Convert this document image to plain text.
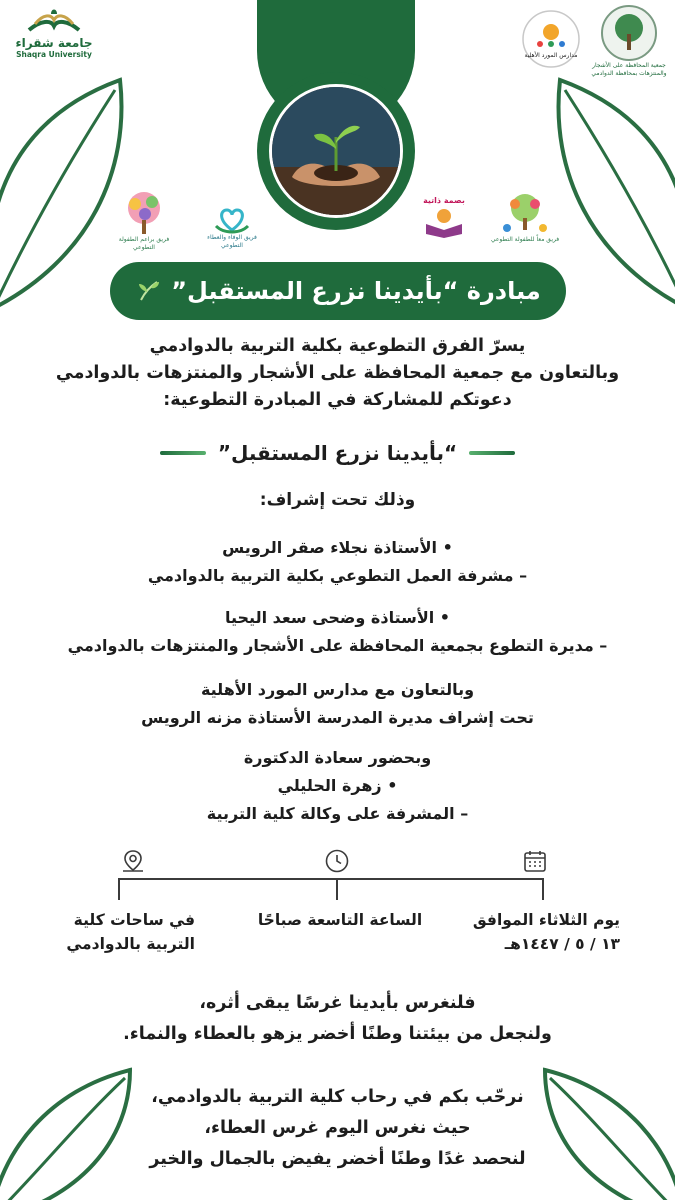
جامعة شقراء
Shaqra University
جمعية المحافظة على الأشجار والمنتزهات بمحافظة الدوادمي
مدارس المورد الأهلية
فريق براعم الطفولة التطوعي
فريق الوفاء والعطاء التطوعي
بصمة ذاتية
فريق معاً للطفولة التطوعي
مبادرة “بأيدينا نزرع المستقبل”
يسرّ الفرق التطوعية بكلية التربية بالدوادمي
وبالتعاون مع جمعية المحافظة على الأشجار والمنتزهات بالدوادمي
دعوتكم للمشاركة في المبادرة التطوعية:
“بأيدينا نزرع المستقبل”
وذلك تحت إشراف:
• الأستاذة نجلاء صقر الرويس
– مشرفة العمل التطوعي بكلية التربية بالدوادمي
• الأستاذة وضحى سعد اليحيا
– مديرة التطوع بجمعية المحافظة على الأشجار والمنتزهات بالدوادمي
وبالتعاون مع مدارس المورد الأهلية
تحت إشراف مديرة المدرسة الأستاذة مزنه الرويس
وبحضور سعادة الدكتورة
• زهرة الحليلي
– المشرفة على وكالة كلية التربية
في ساحات كلية
التربية بالدوادمي
الساعة التاسعة صباحًا	يوم الثلاثاء الموافق
١٣ / ٥ / ١٤٤٧هـ
فلنغرس بأيدينا غرسًا يبقى أثره،
ولنجعل من بيئتنا وطنًا أخضر يزهو بالعطاء والنماء.
نرحّب بكم في رحاب كلية التربية بالدوادمي،
حيث نغرس اليوم غرس العطاء،
لنحصد غدًا وطنًا أخضر يفيض بالجمال والخير
